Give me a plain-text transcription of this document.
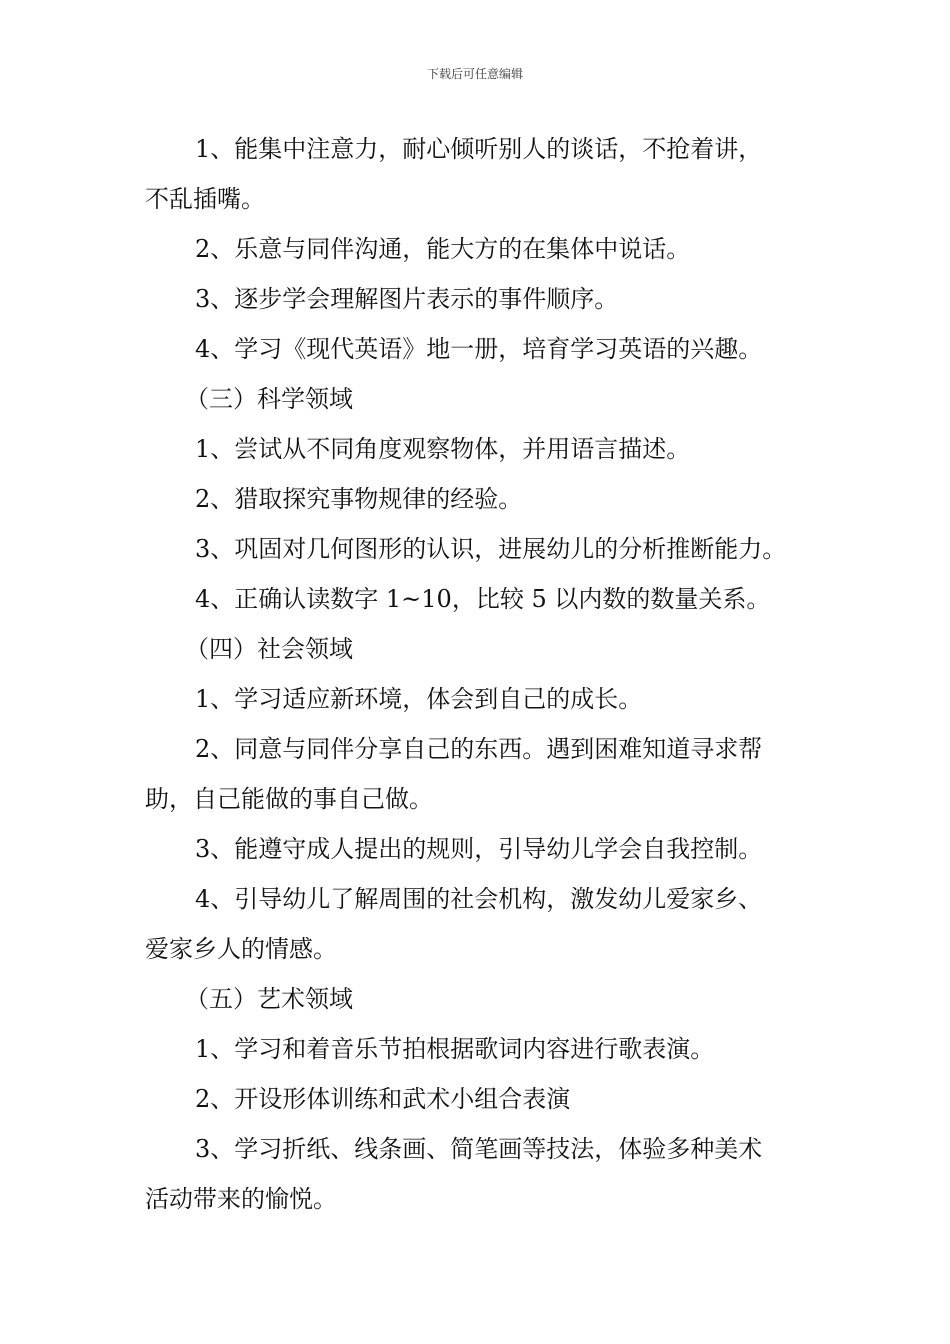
下载后可任意编辑

1、能集中注意力，耐心倾听别人的谈话，不抢着讲，
不乱插嘴。

2、乐意与同伴沟通，能大方的在集体中说话。

3、逐步学会理解图片表示的事件顺序。

4、学习《现代英语》地一册，培育学习英语的兴趣。

（三）科学领域

1、尝试从不同角度观察物体，并用语言描述。

2、猎取探究事物规律的经验。

3、巩固对几何图形的认识，进展幼儿的分析推断能力。

4、正确认读数字 1~10，比较 5 以内数的数量关系。

（四）社会领域

1、学习适应新环境，体会到自己的成长。

2、同意与同伴分享自己的东西。遇到困难知道寻求帮
助，自己能做的事自己做。

3、能遵守成人提出的规则，引导幼儿学会自我控制。

4、引导幼儿了解周围的社会机构，激发幼儿爱家乡、
爱家乡人的情感。

（五）艺术领域

1、学习和着音乐节拍根据歌词内容进行歌表演。

2、开设形体训练和武术小组合表演

3、学习折纸、线条画、简笔画等技法，体验多种美术
活动带来的愉悦。
